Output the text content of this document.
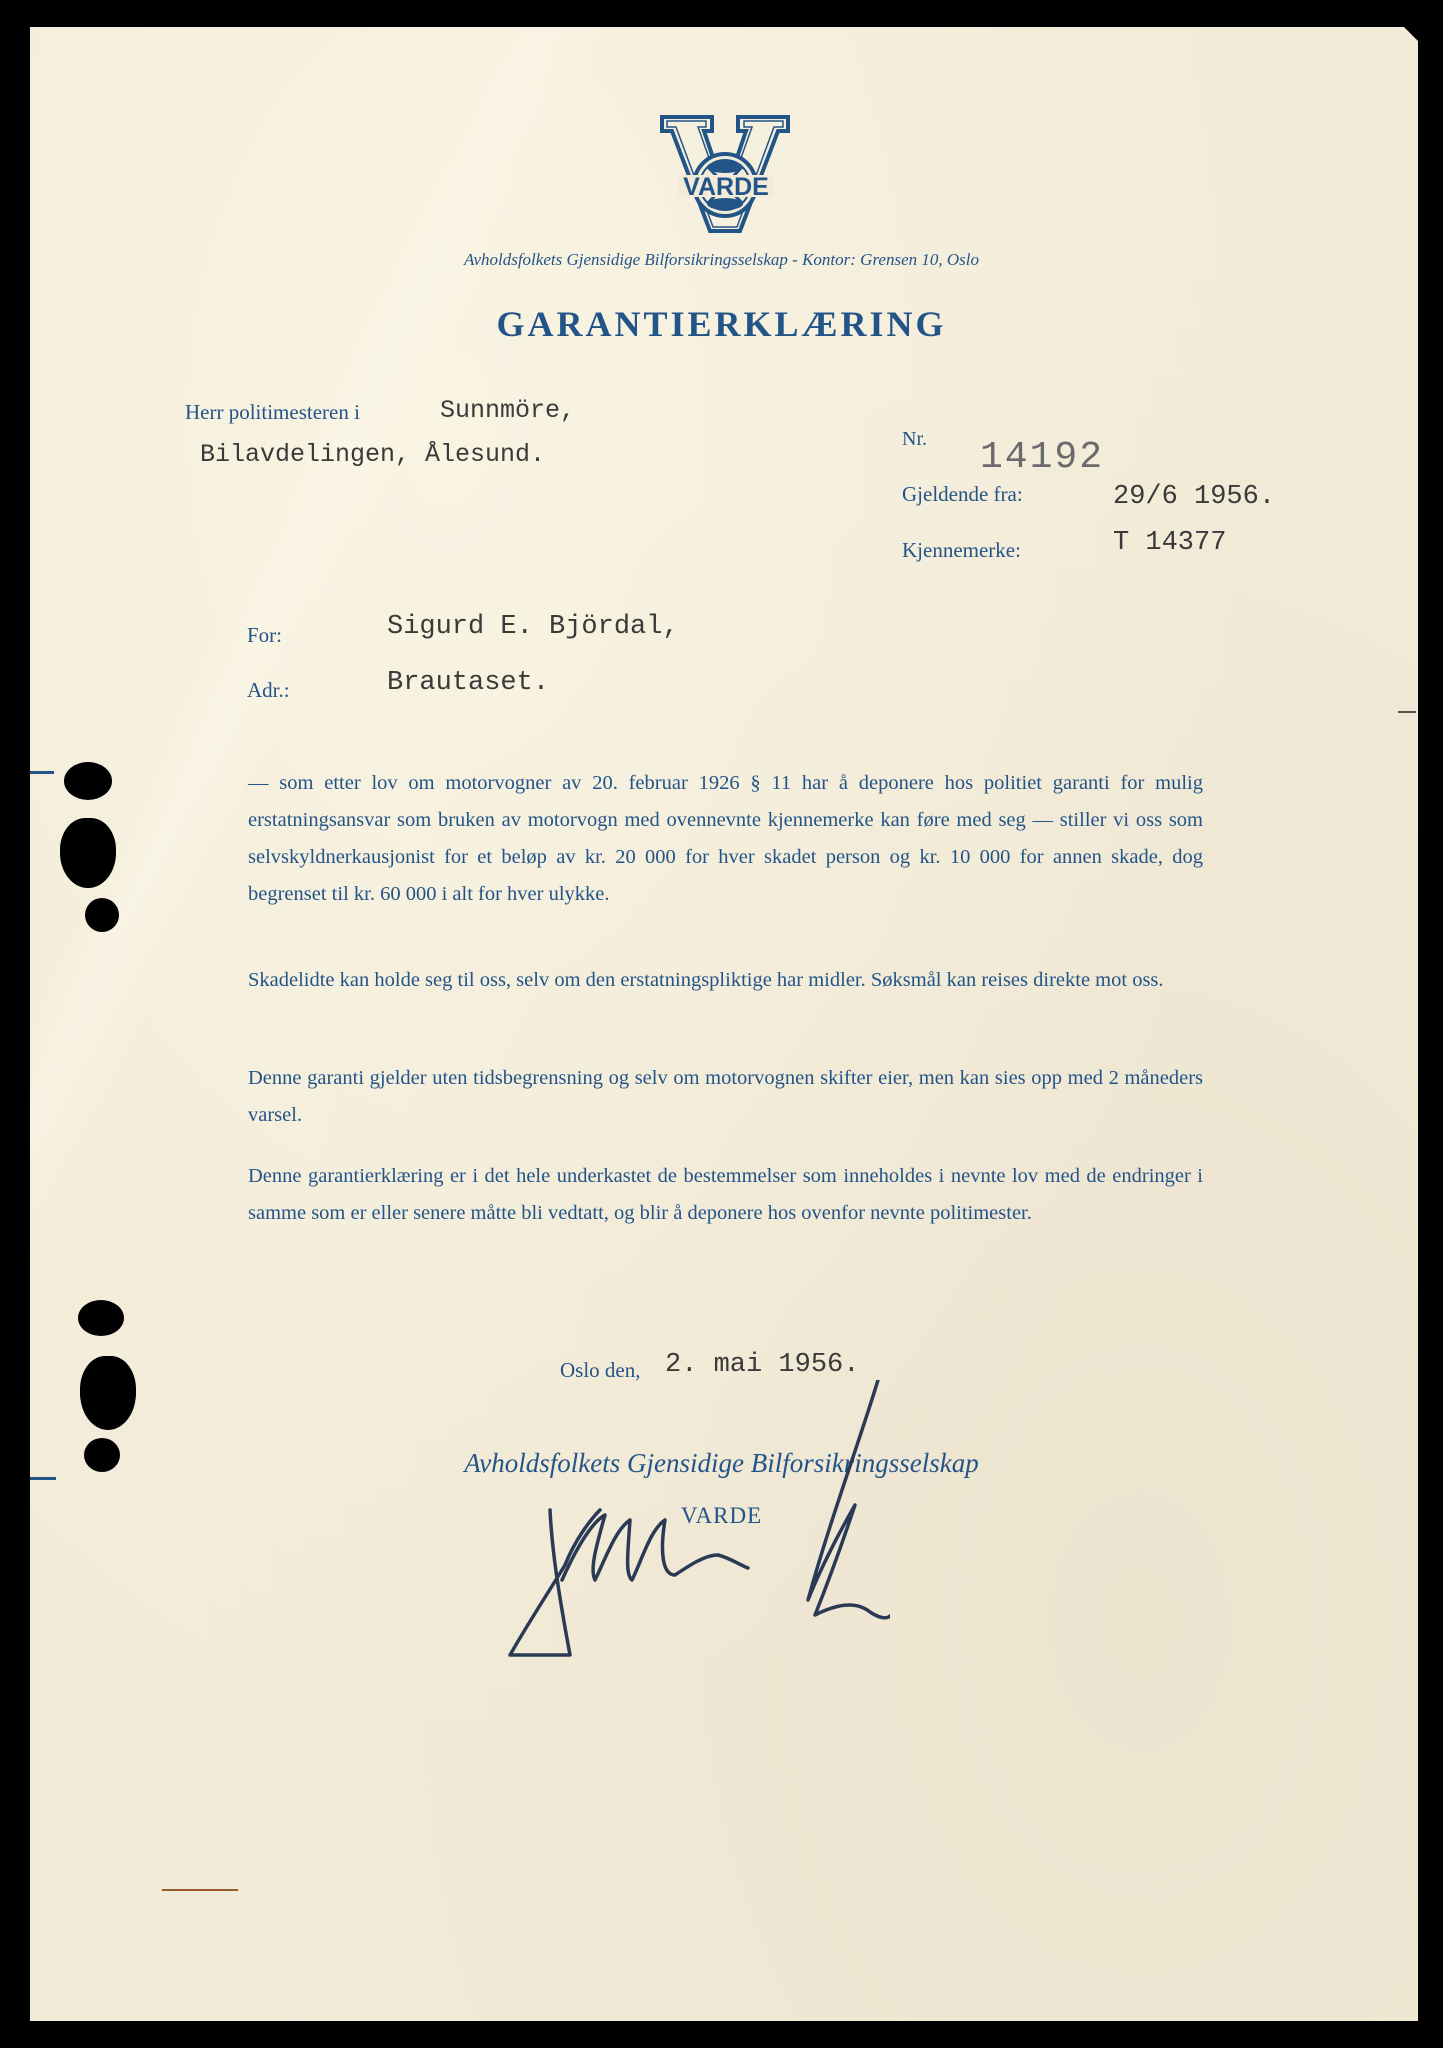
VARDE
Avholdsfolkets Gjensidige Bilforsikringsselskap - Kontor: Grensen 10, Oslo
GARANTIERKLÆRING
Herr politimesteren i	Sunnmöre,
Bilavdelingen, Ålesund.
Nr. 14192
Gjeldende fra:	29/6 1956.
Kjennemerke:	T 14377
For:	Sigurd E. Björdal,
Adr.:	Brautaset.
— som etter lov om motorvogner av 20. februar 1926 § 11 har å deponere hos politiet garanti for mulig erstatningsansvar som bruken av motorvogn med ovennevnte kjennemerke kan føre med seg — stiller vi oss som selvskyldnerkausjonist for et beløp av kr. 20 000 for hver skadet person og kr. 10 000 for annen skade, dog begrenset til kr. 60 000 i alt for hver ulykke.
Skadelidte kan holde seg til oss, selv om den erstatningspliktige har midler. Søksmål kan reises direkte mot oss.
Denne garanti gjelder uten tidsbegrensning og selv om motorvognen skifter eier, men kan sies opp med 2 måneders varsel.
Denne garantierklæring er i det hele underkastet de bestemmelser som inneholdes i nevnte lov med de endringer i samme som er eller senere måtte bli vedtatt, og blir å deponere hos ovenfor nevnte politimester.
Oslo den, 2. mai 1956.
Avholdsfolkets Gjensidige Bilforsikringsselskap
VARDE
